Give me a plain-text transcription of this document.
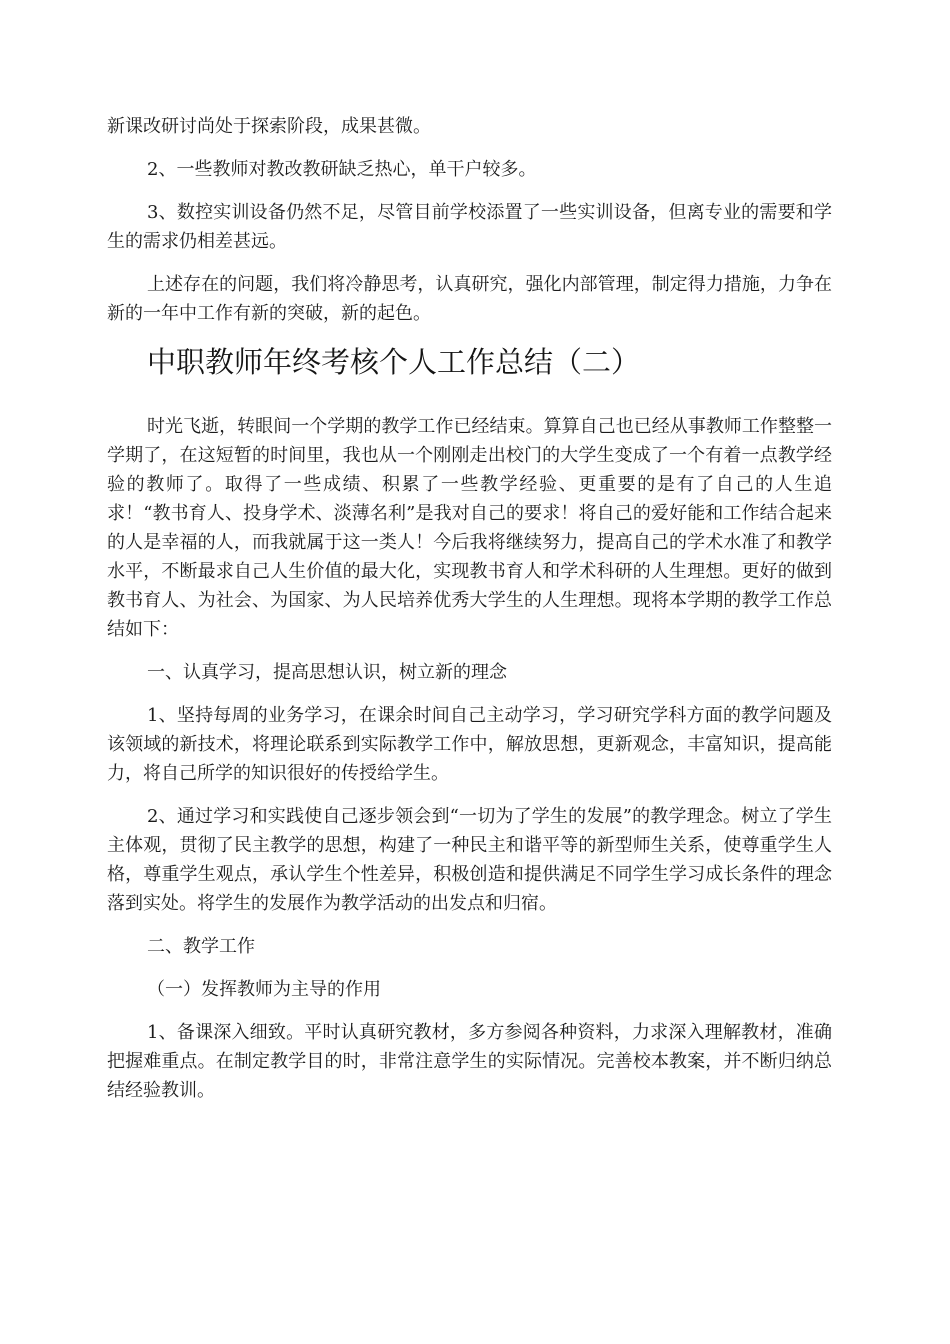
新课改研讨尚处于探索阶段，成果甚微。

2、一些教师对教改教研缺乏热心，单干户较多。

3、数控实训设备仍然不足，尽管目前学校添置了一些实训设备，但离专业的需要和学生的需求仍相差甚远。

上述存在的问题，我们将冷静思考，认真研究，强化内部管理，制定得力措施，力争在新的一年中工作有新的突破，新的起色。

中职教师年终考核个人工作总结（二）

时光飞逝，转眼间一个学期的教学工作已经结束。算算自己也已经从事教师工作整整一学期了，在这短暂的时间里，我也从一个刚刚走出校门的大学生变成了一个有着一点教学经验的教师了。取得了一些成绩、积累了一些教学经验、更重要的是有了自己的人生追求！“教书育人、投身学术、淡薄名利”是我对自己的要求！将自己的爱好能和工作结合起来的人是幸福的人，而我就属于这一类人！今后我将继续努力，提高自己的学术水准了和教学水平，不断最求自己人生价值的最大化，实现教书育人和学术科研的人生理想。更好的做到教书育人、为社会、为国家、为人民培养优秀大学生的人生理想。现将本学期的教学工作总结如下：

一、认真学习，提高思想认识，树立新的理念

1、坚持每周的业务学习，在课余时间自己主动学习，学习研究学科方面的教学问题及该领域的新技术，将理论联系到实际教学工作中，解放思想，更新观念，丰富知识，提高能力，将自己所学的知识很好的传授给学生。

2、通过学习和实践使自己逐步领会到“一切为了学生的发展”的教学理念。树立了学生主体观，贯彻了民主教学的思想，构建了一种民主和谐平等的新型师生关系，使尊重学生人格，尊重学生观点，承认学生个性差异，积极创造和提供满足不同学生学习成长条件的理念落到实处。将学生的发展作为教学活动的出发点和归宿。

二、教学工作

（一）发挥教师为主导的作用

1、备课深入细致。平时认真研究教材，多方参阅各种资料，力求深入理解教材，准确把握难重点。在制定教学目的时，非常注意学生的实际情况。完善校本教案，并不断归纳总结经验教训。
